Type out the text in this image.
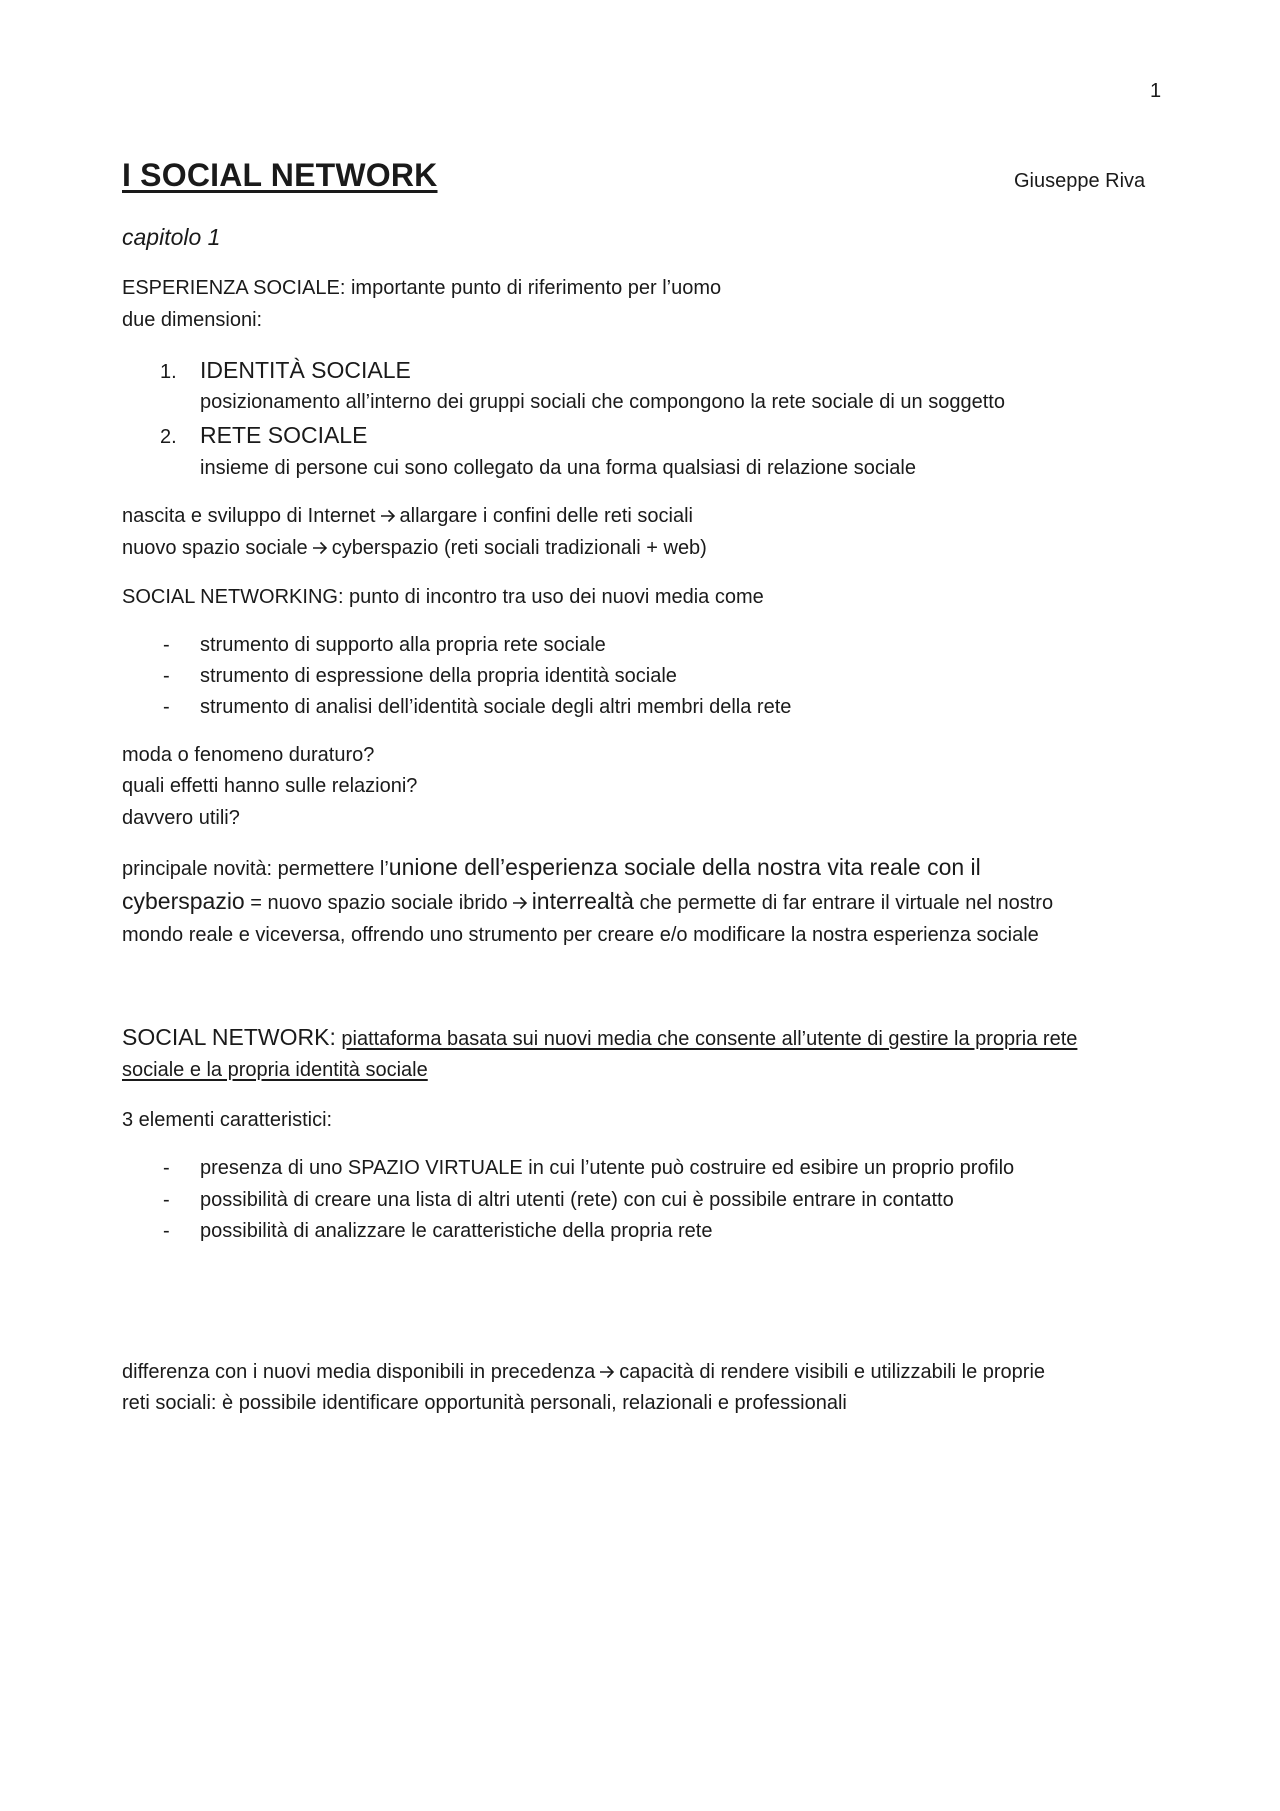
1
I SOCIAL NETWORK	Giuseppe Riva
capitolo 1
ESPERIENZA SOCIALE: importante punto di riferimento per l’uomo
due dimensioni:
1. IDENTITÀ SOCIALE
posizionamento all’interno dei gruppi sociali che compongono la rete sociale di un soggetto
2. RETE SOCIALE
insieme di persone cui sono collegato da una forma qualsiasi di relazione sociale
nascita e sviluppo di Internet allargare i confini delle reti sociali
nuovo spazio sociale cyberspazio (reti sociali tradizionali + web)
SOCIAL NETWORKING: punto di incontro tra uso dei nuovi media come
- strumento di supporto alla propria rete sociale
- strumento di espressione della propria identità sociale
- strumento di analisi dell’identità sociale degli altri membri della rete
moda o fenomeno duraturo?
quali effetti hanno sulle relazioni?
davvero utili?
principale novità: permettere l’unione dell’esperienza sociale della nostra vita reale con il
cyberspazio = nuovo spazio sociale ibrido interrealtà che permette di far entrare il virtuale nel nostro
mondo reale e viceversa, offrendo uno strumento per creare e/o modificare la nostra esperienza sociale
SOCIAL NETWORK: piattaforma basata sui nuovi media che consente all’utente di gestire la propria rete
sociale e la propria identità sociale
3 elementi caratteristici:
- presenza di uno SPAZIO VIRTUALE in cui l’utente può costruire ed esibire un proprio profilo
- possibilità di creare una lista di altri utenti (rete) con cui è possibile entrare in contatto
- possibilità di analizzare le caratteristiche della propria rete
differenza con i nuovi media disponibili in precedenza capacità di rendere visibili e utilizzabili le proprie
reti sociali: è possibile identificare opportunità personali, relazionali e professionali
